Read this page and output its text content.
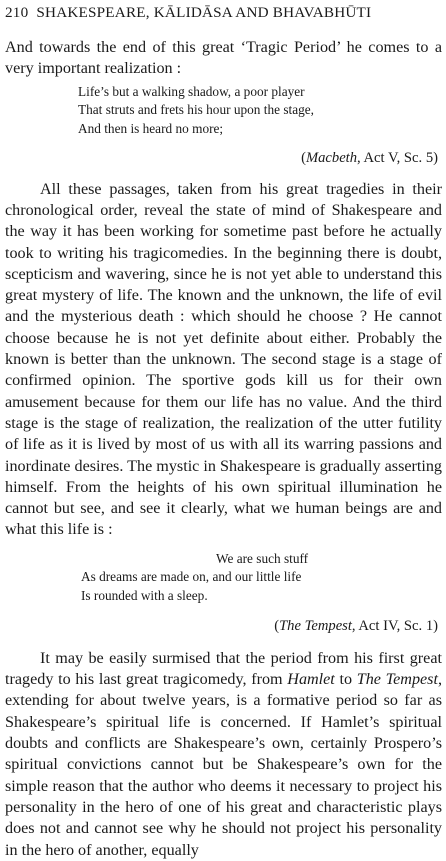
210 SHAKESPEARE, KĀLIDĀSA AND BHAVABHŪTI

And towards the end of this great ‘Tragic Period’ he comes to a very important realization :

Life’s but a walking shadow, a poor player
That struts and frets his hour upon the stage,
And then is heard no more;
(Macbeth, Act V, Sc. 5)

All these passages, taken from his great tragedies in their chronological order, reveal the state of mind of Shakespeare and the way it has been working for sometime past before he actually took to writing his tragicomedies. In the beginning there is doubt, scepticism and wavering, since he is not yet able to understand this great mystery of life. The known and the unknown, the life of evil and the mysterious death : which should he choose ? He cannot choose because he is not yet definite about either. Probably the known is better than the unknown. The second stage is a stage of confirmed opinion. The sportive gods kill us for their own amusement because for them our life has no value. And the third stage is the stage of realization, the realization of the utter futility of life as it is lived by most of us with all its warring passions and inordinate desires. The mystic in Shakespeare is gradually asserting himself. From the heights of his own spiritual illumination he cannot but see, and see it clearly, what we human beings are and what this life is :

We are such stuff
As dreams are made on, and our little life
Is rounded with a sleep.
(The Tempest, Act IV, Sc. 1)

It may be easily surmised that the period from his first great tragedy to his last great tragicomedy, from Hamlet to The Tempest, extending for about twelve years, is a formative period so far as Shakespeare’s spiritual life is concerned. If Hamlet’s spiritual doubts and conflicts are Shakespeare’s own, certainly Prospero’s spiritual convictions cannot but be Shakespeare’s own for the simple reason that the author who deems it necessary to project his personality in the hero of one of his great and characteristic plays does not and cannot see why he should not project his personality in the hero of another, equally
